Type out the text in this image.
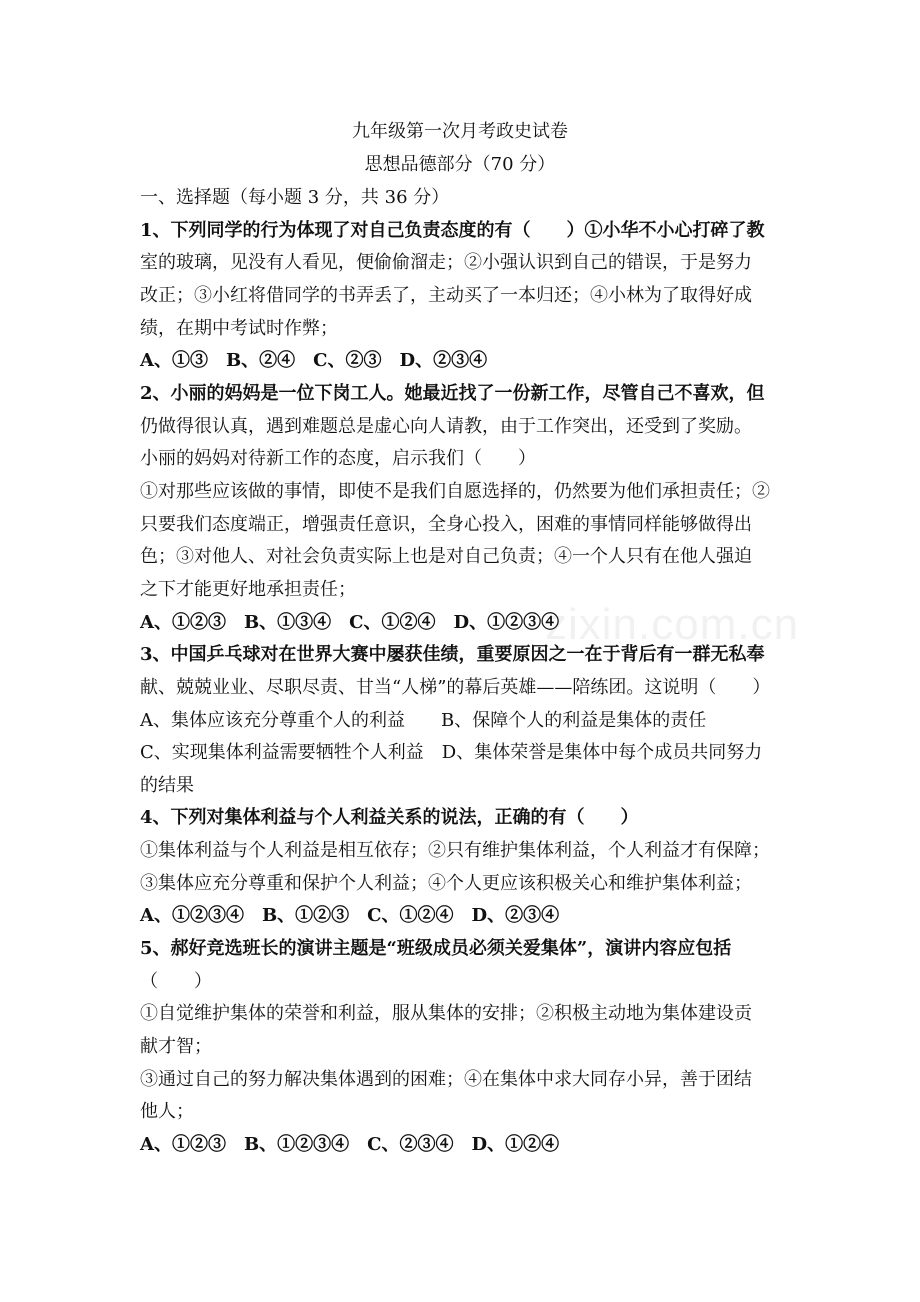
九年级第一次月考政史试卷
思想品德部分（70 分）
zixin.com.cn
一、选择题（每小题 3 分，共 36 分）
1、下列同学的行为体现了对自己负责态度的有（　　）①小华不小心打碎了教
室的玻璃，见没有人看见，便偷偷溜走；②小强认识到自己的错误，于是努力
改正；③小红将借同学的书弄丢了，主动买了一本归还；④小林为了取得好成
绩，在期中考试时作弊；
A、①③　B、②④　C、②③　D、②③④
2、小丽的妈妈是一位下岗工人。她最近找了一份新工作，尽管自己不喜欢，但
仍做得很认真，遇到难题总是虚心向人请教，由于工作突出，还受到了奖励。
小丽的妈妈对待新工作的态度，启示我们（　　）
①对那些应该做的事情，即使不是我们自愿选择的，仍然要为他们承担责任；②
只要我们态度端正，增强责任意识，全身心投入，困难的事情同样能够做得出
色；③对他人、对社会负责实际上也是对自己负责；④一个人只有在他人强迫
之下才能更好地承担责任；
A、①②③　B、①③④　C、①②④　D、①②③④
3、中国乒乓球对在世界大赛中屡获佳绩，重要原因之一在于背后有一群无私奉
献、兢兢业业、尽职尽责、甘当“人梯”的幕后英雄——陪练团。这说明（　　）
A、集体应该充分尊重个人的利益　　B、保障个人的利益是集体的责任
C、实现集体利益需要牺牲个人利益　D、集体荣誉是集体中每个成员共同努力
的结果
4、下列对集体利益与个人利益关系的说法，正确的有（　　）
①集体利益与个人利益是相互依存；②只有维护集体利益，个人利益才有保障；
③集体应充分尊重和保护个人利益；④个人更应该积极关心和维护集体利益；
A、①②③④　B、①②③　C、①②④　D、②③④
5、郝好竞选班长的演讲主题是“班级成员必须关爱集体”，演讲内容应包括
（　　）
①自觉维护集体的荣誉和利益，服从集体的安排；②积极主动地为集体建设贡
献才智；
③通过自己的努力解决集体遇到的困难；④在集体中求大同存小异，善于团结
他人；
A、①②③　B、①②③④　C、②③④　D、①②④
